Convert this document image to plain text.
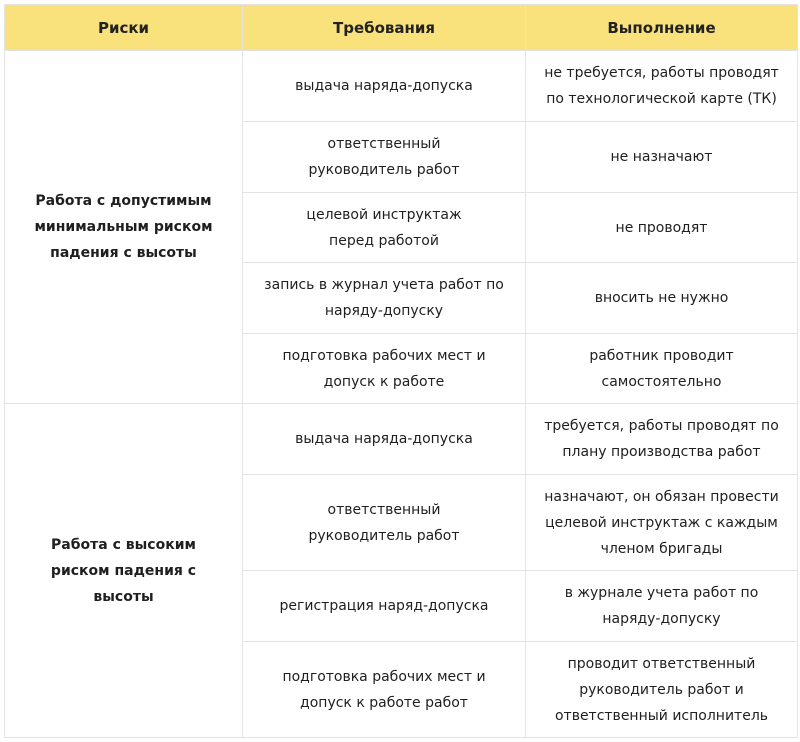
Риски	Требования	Выполнение
Работа с допустимым минимальным риском падения с высоты	выдача наряда-допуска	не требуется, работы проводят по технологической карте (ТК)
	ответственный руководитель работ	не назначают
	целевой инструктаж перед работой	не проводят
	запись в журнал учета работ по наряду-допуску	вносить не нужно
	подготовка рабочих мест и допуск к работе	работник проводит самостоятельно
Работа с высоким риском падения с высоты	выдача наряда-допуска	требуется, работы проводят по плану производства работ
	ответственный руководитель работ	назначают, он обязан провести целевой инструктаж с каждым членом бригады
	регистрация наряд-допуска	в журнале учета работ по наряду-допуску
	подготовка рабочих мест и допуск к работе работ	проводит ответственный руководитель работ и ответственный исполнитель
